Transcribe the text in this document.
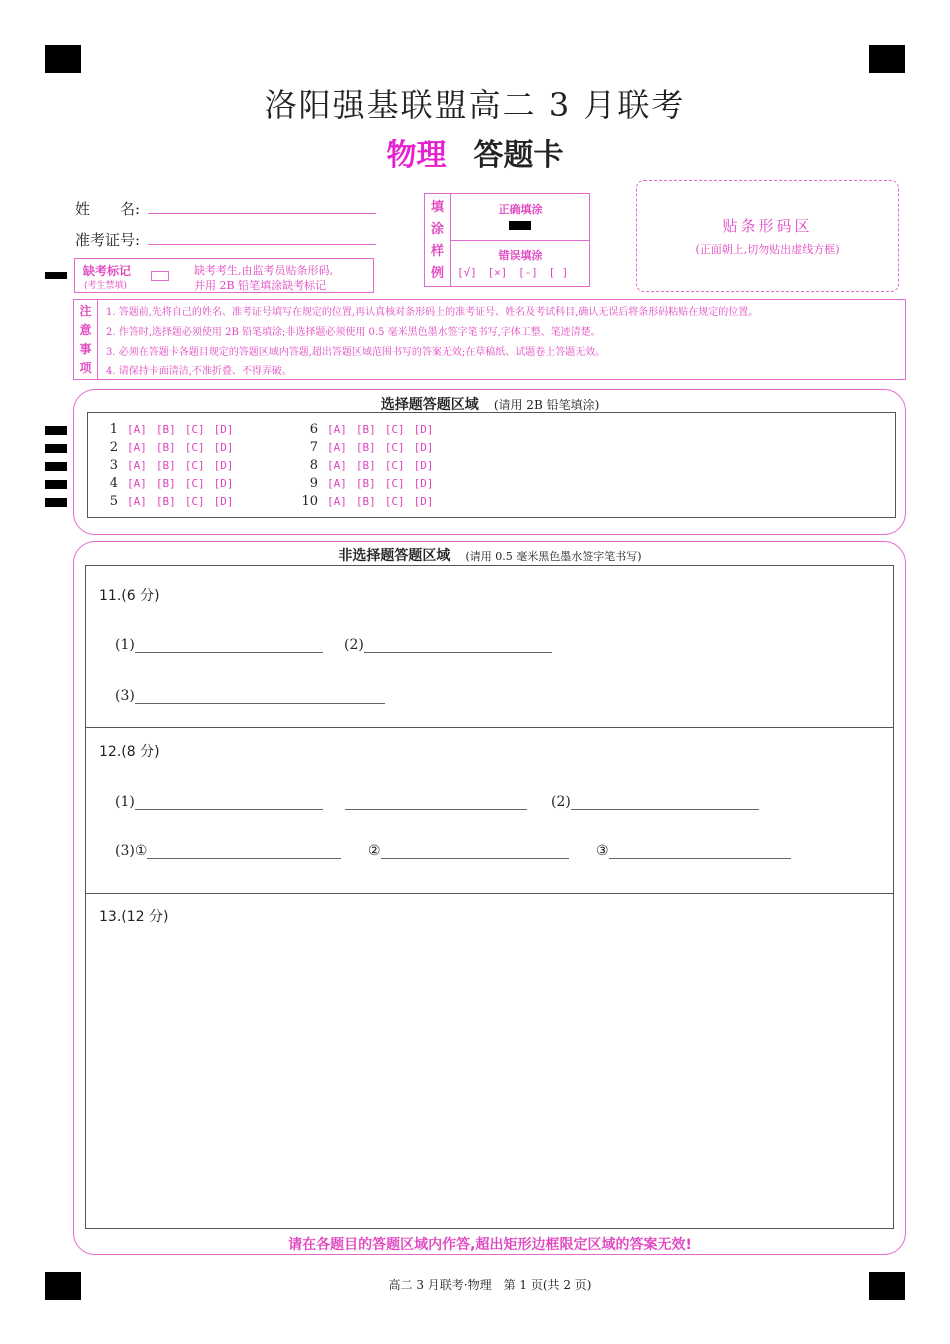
洛阳强基联盟高二 3 月联考
物理 答题卡
姓　　名:
准考证号:
缺考标记
(考生禁填)
缺考考生,由监考员贴条形码,
并用 2B 铅笔填涂缺考标记
填
涂
样
例
正确填涂
错误填涂
[√] [×] [-] [ ]
贴条形码区
(正面朝上,切勿贴出虚线方框)
注
意
事
项
1. 答题前,先将自己的姓名、准考证号填写在规定的位置,再认真核对条形码上的准考证号、姓名及考试科目,确认无误后将条形码粘贴在规定的位置。
2. 作答时,选择题必须使用 2B 铅笔填涂;非选择题必须使用 0.5 毫米黑色墨水签字笔书写,字体工整、笔迹清楚。
3. 必须在答题卡各题目规定的答题区域内答题,超出答题区域范围书写的答案无效;在草稿纸、试题卷上答题无效。
4. 请保持卡面清洁,不准折叠、不得弄破。
选择题答题区域 (请用 2B 铅笔填涂)
1 [A] [B] [C] [D]
2 [A] [B] [C] [D]
3 [A] [B] [C] [D]
4 [A] [B] [C] [D]
5 [A] [B] [C] [D]
6 [A] [B] [C] [D]
7 [A] [B] [C] [D]
8 [A] [B] [C] [D]
9 [A] [B] [C] [D]
10 [A] [B] [C] [D]
非选择题答题区域 (请用 0.5 毫米黑色墨水签字笔书写)
11.(6 分)
(1)	(2)
(3)
12.(8 分)
(1)	(2)
(3)①	②	③
13.(12 分)
请在各题目的答题区域内作答,超出矩形边框限定区域的答案无效!
高二 3 月联考·物理　第 1 页(共 2 页)
